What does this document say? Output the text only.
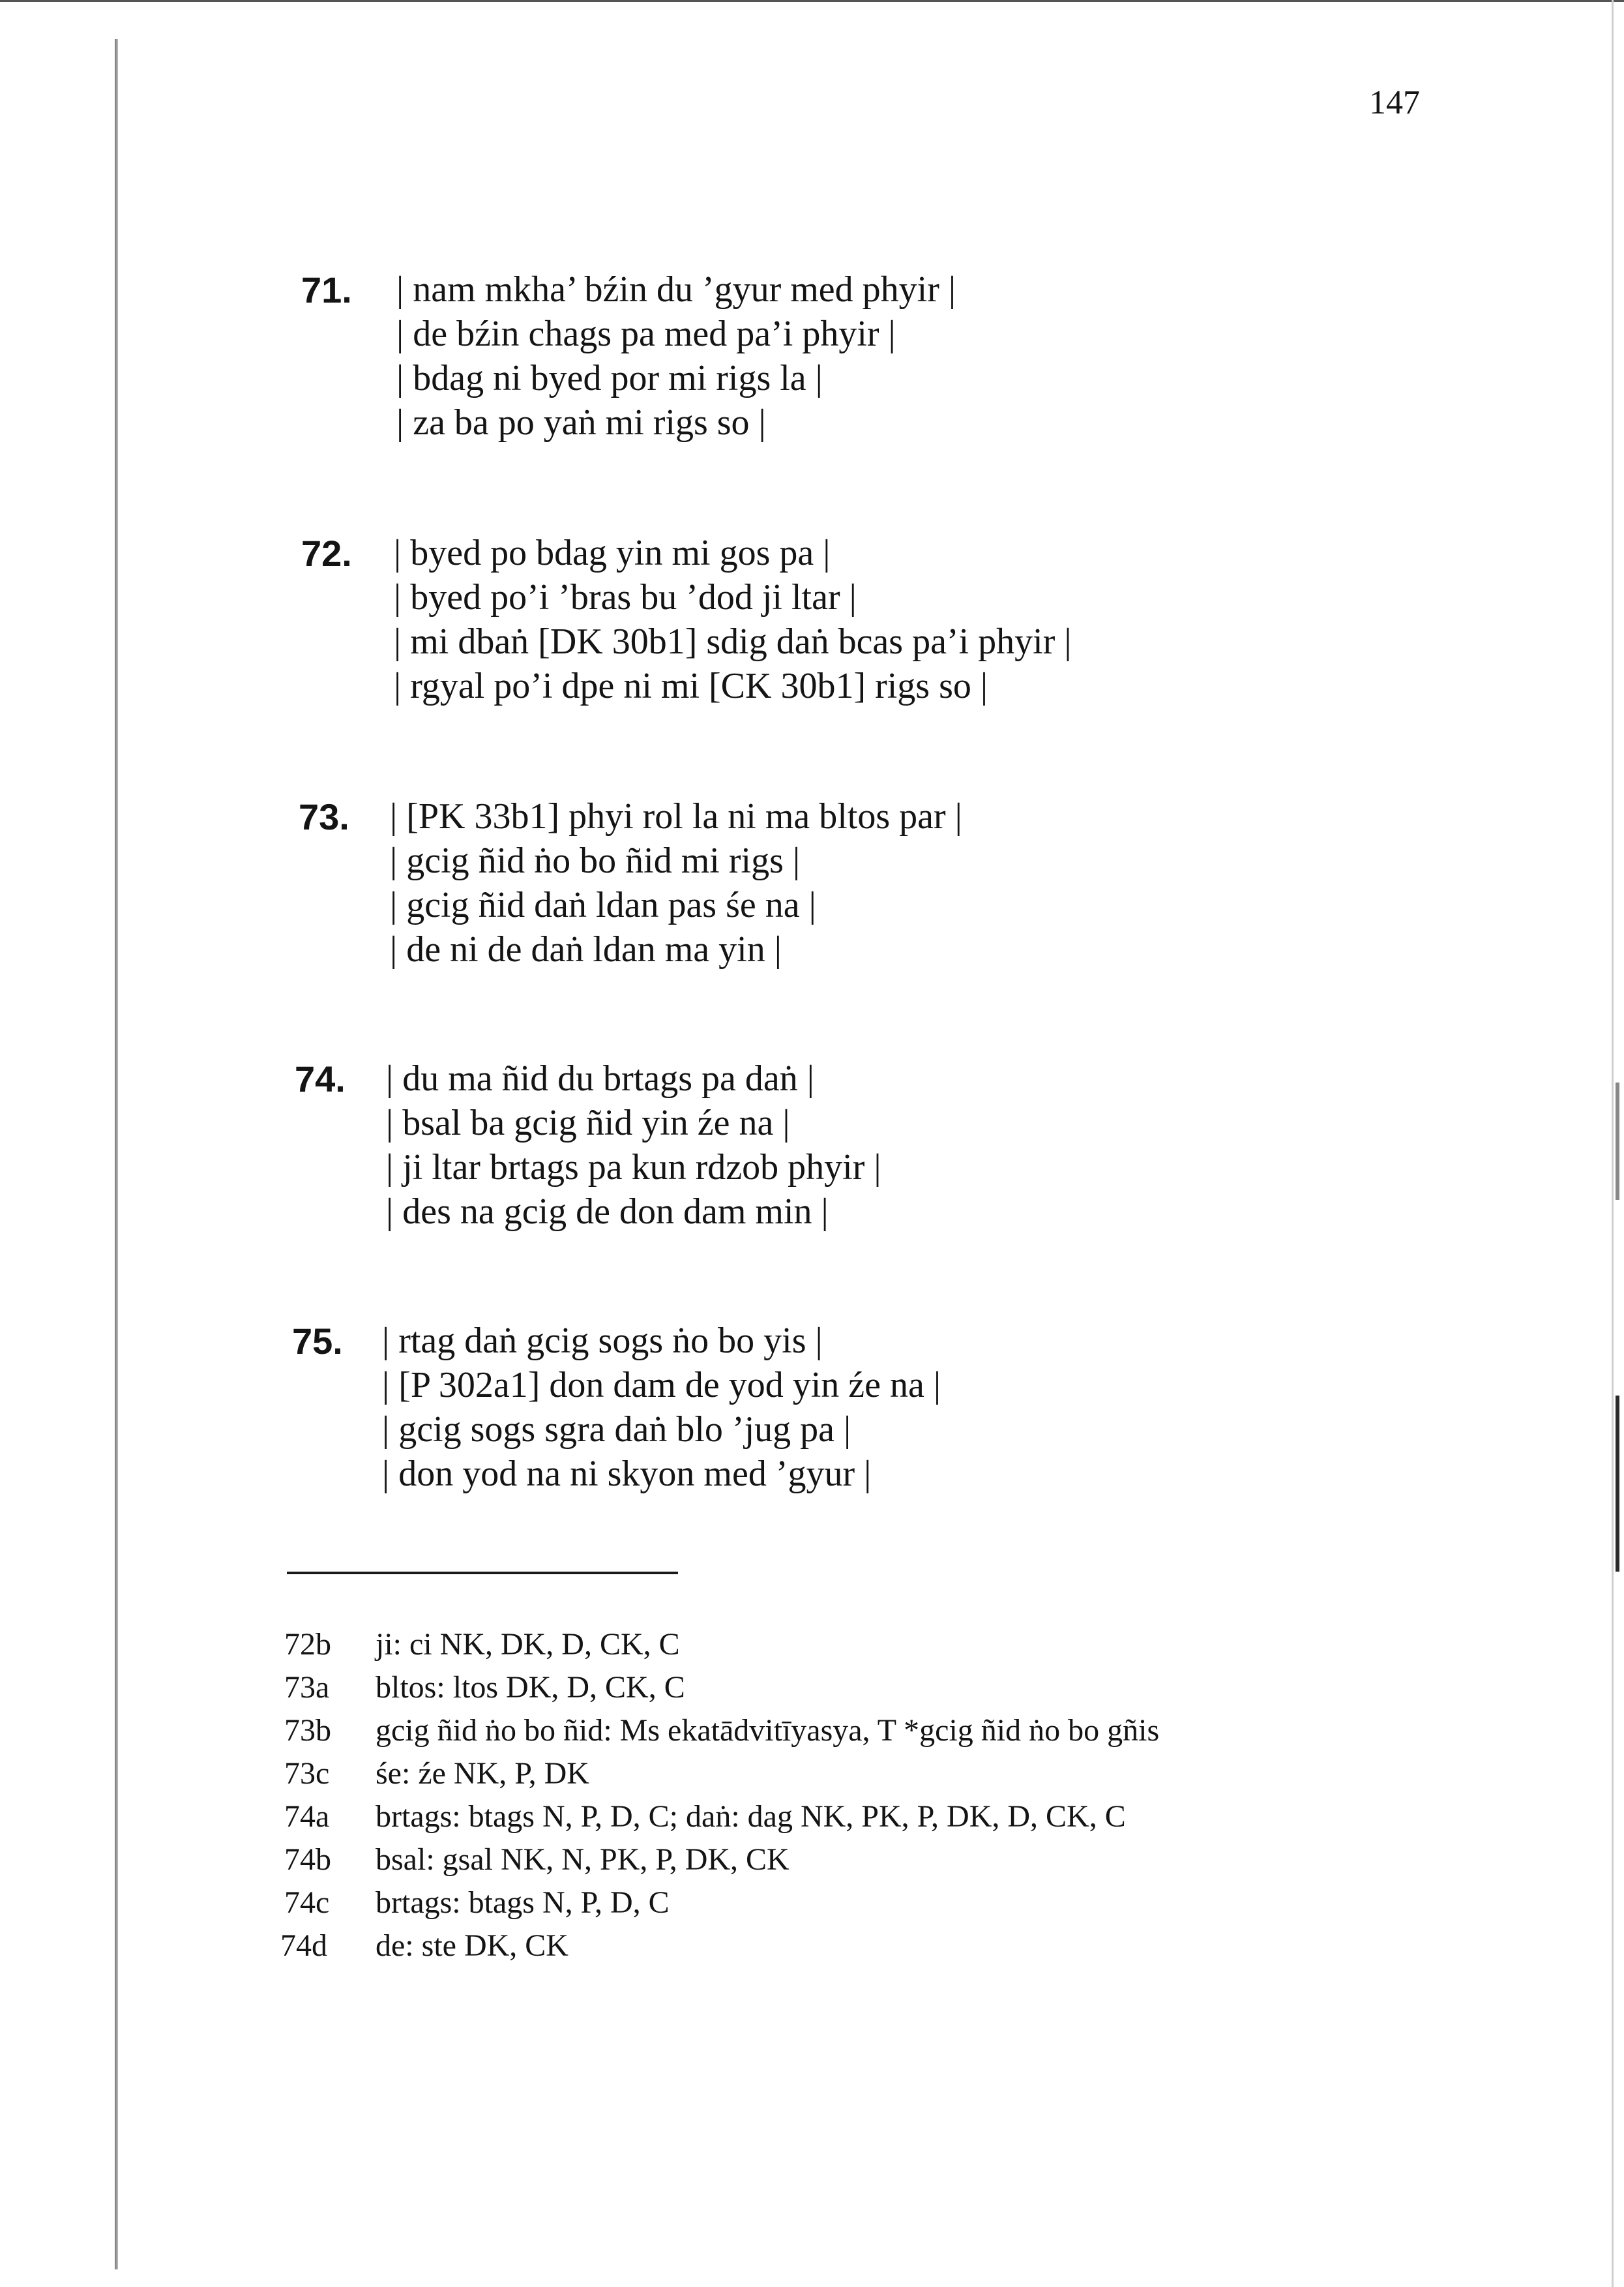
147
71. | nam mkha’ bźin du ’gyur med phyir |
| de bźin chags pa med pa’i phyir |
| bdag ni byed por mi rigs la |
| za ba po yaṅ mi rigs so |
72. | byed po bdag yin mi gos pa |
| byed po’i ’bras bu ’dod ji ltar |
| mi dbaṅ [DK 30b1] sdig daṅ bcas pa’i phyir |
| rgyal po’i dpe ni mi [CK 30b1] rigs so |
73. | [PK 33b1] phyi rol la ni ma bltos par |
| gcig ñid ṅo bo ñid mi rigs |
| gcig ñid daṅ ldan pas śe na |
| de ni de daṅ ldan ma yin |
74. | du ma ñid du brtags pa daṅ |
| bsal ba gcig ñid yin źe na |
| ji ltar brtags pa kun rdzob phyir |
| des na gcig de don dam min |
75. | rtag daṅ gcig sogs ṅo bo yis |
| [P 302a1] don dam de yod yin źe na |
| gcig sogs sgra daṅ blo ’jug pa |
| don yod na ni skyon med ’gyur |
72b ji: ci NK, DK, D, CK, C
73a bltos: ltos DK, D, CK, C
73b gcig ñid ṅo bo ñid: Ms ekatādvitīyasya, T *gcig ñid ṅo bo gñis
73c śe: źe NK, P, DK
74a brtags: btags N, P, D, C; daṅ: dag NK, PK, P, DK, D, CK, C
74b bsal: gsal NK, N, PK, P, DK, CK
74c brtags: btags N, P, D, C
74d de: ste DK, CK
